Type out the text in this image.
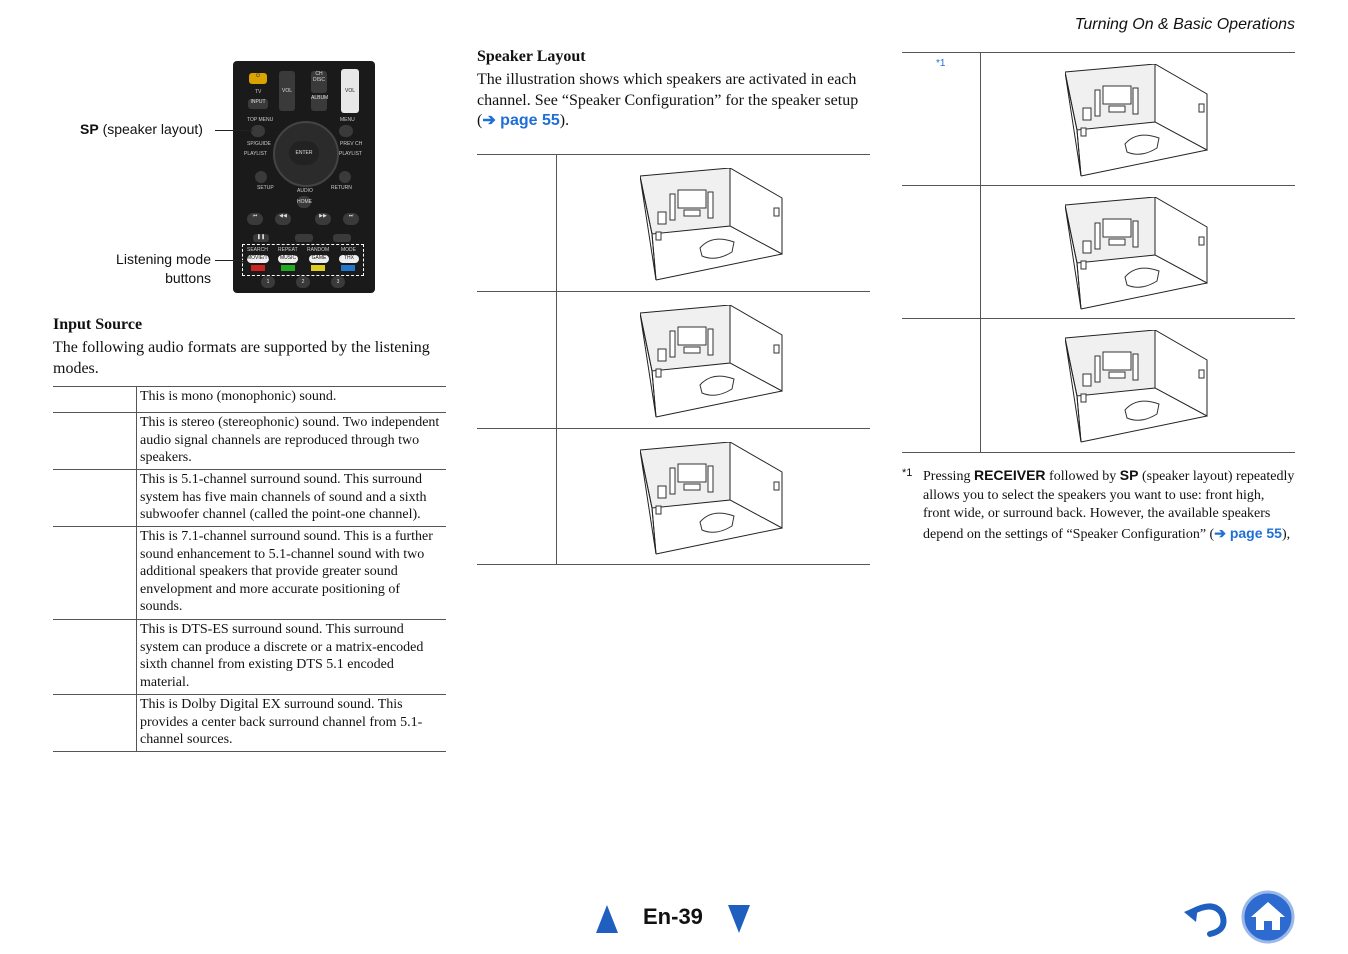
Turning On & Basic Operations
⏻
TV
INPUT
VOL
CH DISC
ALBUM
VOL
TOP MENU	MENU
ENTER
SP/GUIDE	PREV CH
PLAYLIST	PLAYLIST
SETUP	RETURN
AUDIO
HOME
⏮	◀◀	▶▶	⏭
❚❚
SEARCH REPEAT RANDOM MODE
MOVIE/TV	MUSIC	GAME	THX
1	2	3
SP (speaker layout)
Listening mode
buttons
Input Source
The following audio formats are supported by the listening modes.
	This is mono (monophonic) sound.
	This is stereo (stereophonic) sound. Two independent audio signal channels are reproduced through two speakers.
	This is 5.1-channel surround sound. This surround system has five main channels of sound and a sixth subwoofer channel (called the point-one channel).
	This is 7.1-channel surround sound. This is a further sound enhancement to 5.1-channel sound with two additional speakers that provide greater sound envelopment and more accurate positioning of sounds.
	This is DTS-ES surround sound. This surround system can produce a discrete or a matrix-encoded sixth channel from existing DTS 5.1 encoded material.
	This is Dolby Digital EX surround sound. This provides a center back surround channel from 5.1-channel sources.
Speaker Layout
The illustration shows which speakers are activated in each channel. See “Speaker Configuration” for the speaker setup (➔ page 55).
*1
*1 Pressing RECEIVER followed by SP (speaker layout) repeatedly allows you to select the speakers you want to use: front high, front wide, or surround back. However, the available speakers depend on the settings of “Speaker Configuration” (➔ page 55),
En-39
